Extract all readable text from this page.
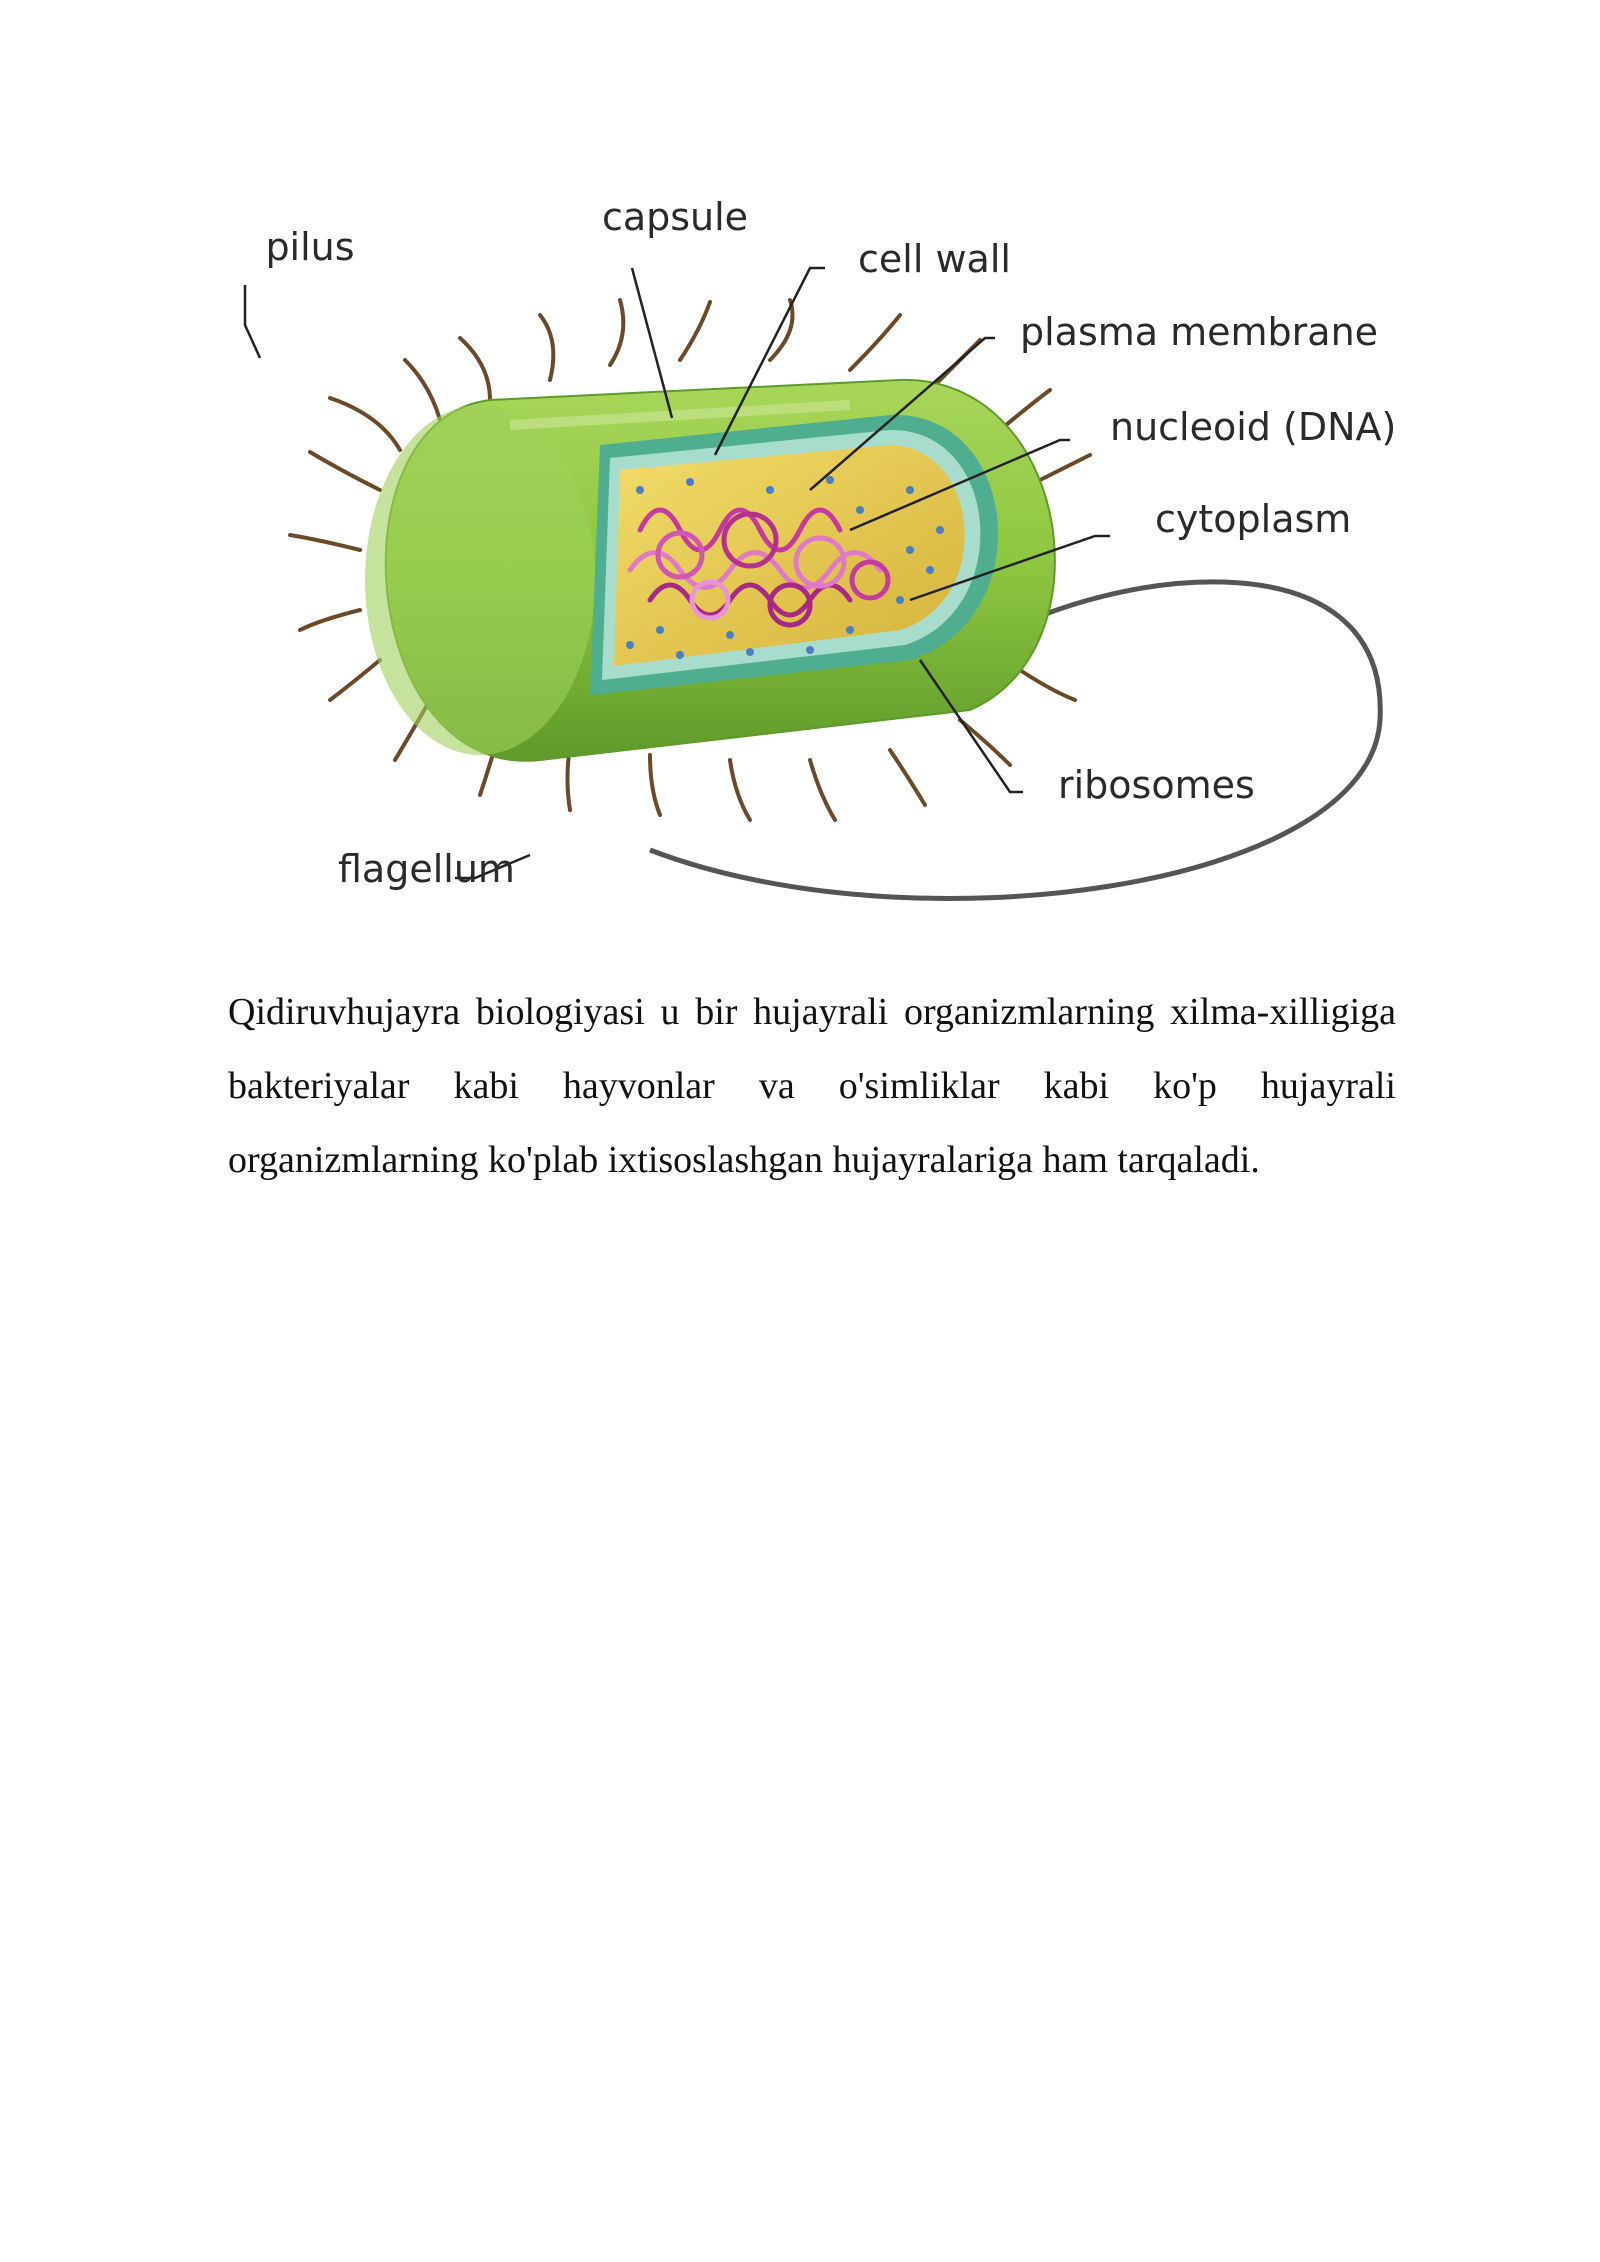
pilus
capsule
cell wall
plasma membrane
nucleoid (DNA)
cytoplasm
ribosomes
flagellum

Qidiruvhujayra biologiyasi u bir hujayrali organizmlarning xilma-xilligiga bakteriyalar kabi hayvonlar va o'simliklar kabi ko'p hujayrali organizmlarning ko'plab ixtisoslashgan hujayralariga ham tarqaladi.
